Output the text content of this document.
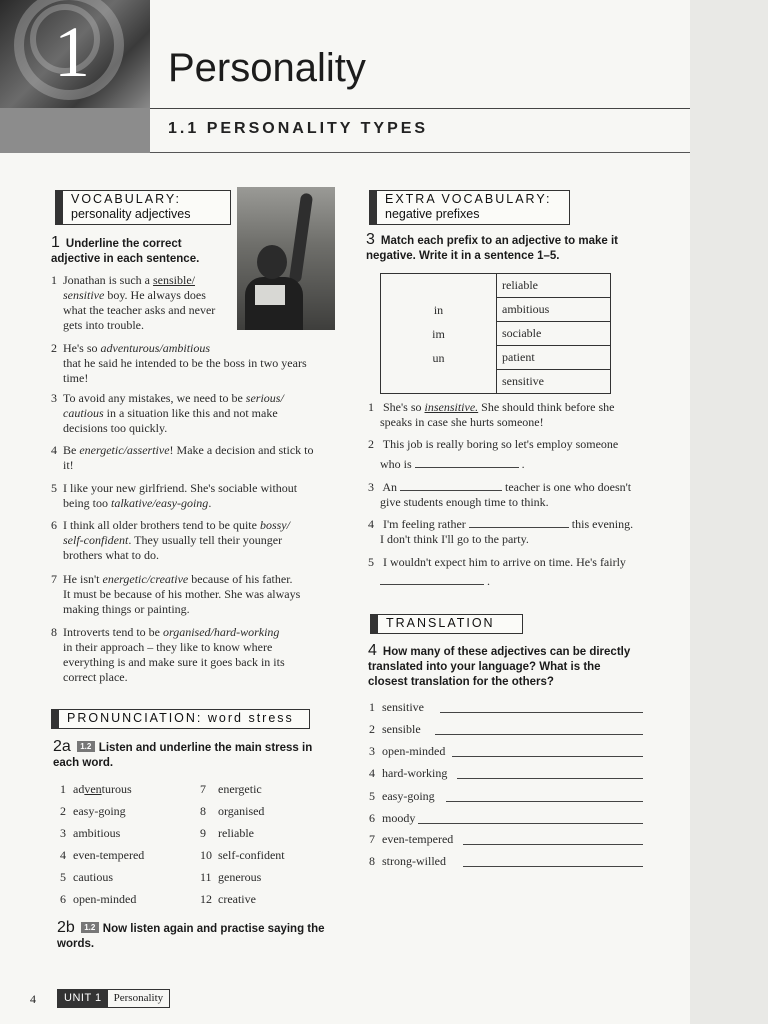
1 Personality
1.1 PERSONALITY TYPES
VOCABULARY:
personality adjectives
1 Underline the correct adjective in each sentence.
1 Jonathan is such a sensible/
sensitive boy. He always does
what the teacher asks and never
gets into trouble.
2 He's so adventurous/ambitious
that he said he intended to be the boss in two years
time!
3 To avoid any mistakes, we need to be serious/
cautious in a situation like this and not make
decisions too quickly.
4 Be energetic/assertive! Make a decision and stick to
it!
5 I like your new girlfriend. She's sociable without
being too talkative/easy-going.
6 I think all older brothers tend to be quite bossy/
self-confident. They usually tell their younger
brothers what to do.
7 He isn't energetic/creative because of his father.
It must be because of his mother. She was always
making things or painting.
8 Introverts tend to be organised/hard-working
in their approach – they like to know where
everything is and make sure it goes back in its
correct place.
PRONUNCIATION: word stress
2a 1.2 Listen and underline the main stress in each word.
1 adventurous
2 easy-going
3 ambitious
4 even-tempered
5 cautious
6 open-minded
7 energetic
8 organised
9 reliable
10 self-confident
11 generous
12 creative
2b 1.2 Now listen again and practise saying the words.
EXTRA VOCABULARY:
negative prefixes
3 Match each prefix to an adjective to make it negative. Write it in a sentence 1–5.
in
im
un
	reliable
ambitious
sociable
patient
sensitive
1 She's so insensitive. She should think before she
speaks in case she hurts someone!
2 This job is really boring so let's employ someone
who is	.
3 An	teacher is one who doesn't
give students enough time to think.
4 I'm feeling rather	this evening.
I don't think I'll go to the party.
5 I wouldn't expect him to arrive on time. He's fairly
.
TRANSLATION
4 How many of these adjectives can be directly translated into your language? What is the closest translation for the others?
1 sensitive
2 sensible
3 open-minded
4 hard-working
5 easy-going
6 moody
7 even-tempered
8 strong-willed
4	UNIT 1	Personality
